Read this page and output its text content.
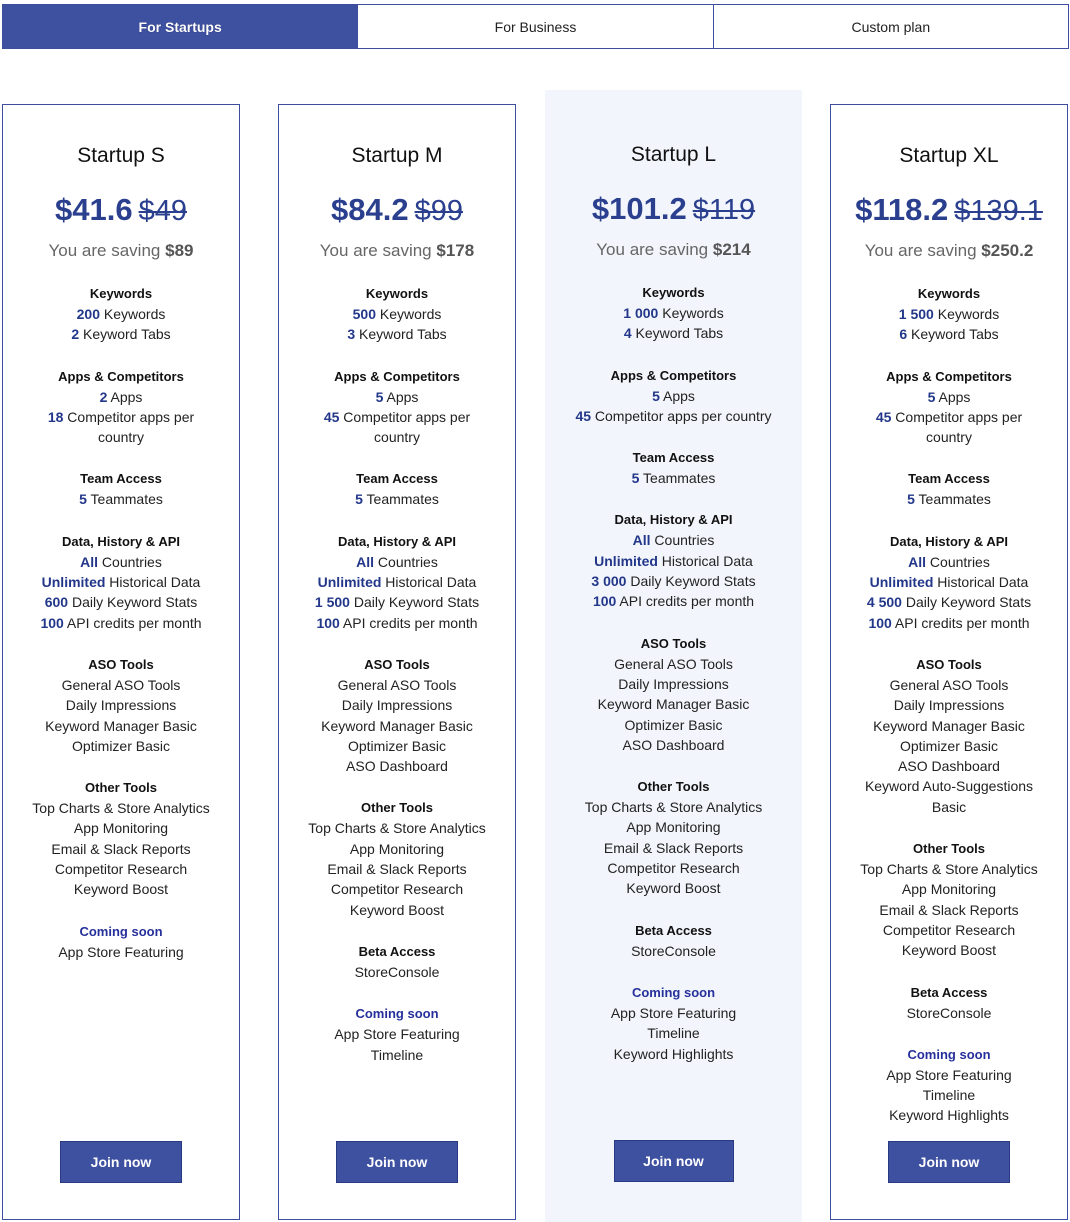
For Startups	For Business	Custom plan
Startup S
$41.6 $49
You are saving $89
Keywords
200 Keywords
2 Keyword Tabs
Apps & Competitors
2 Apps
18 Competitor apps per country
Team Access
5 Teammates
Data, History & API
All Countries
Unlimited Historical Data
600 Daily Keyword Stats
100 API credits per month
ASO Tools
General ASO Tools
Daily Impressions
Keyword Manager Basic
Optimizer Basic
Other Tools
Top Charts & Store Analytics
App Monitoring
Email & Slack Reports
Competitor Research
Keyword Boost
Coming soon
App Store Featuring
Join now
Startup M
$84.2 $99
You are saving $178
Keywords
500 Keywords
3 Keyword Tabs
Apps & Competitors
5 Apps
45 Competitor apps per country
Team Access
5 Teammates
Data, History & API
All Countries
Unlimited Historical Data
1 500 Daily Keyword Stats
100 API credits per month
ASO Tools
General ASO Tools
Daily Impressions
Keyword Manager Basic
Optimizer Basic
ASO Dashboard
Other Tools
Top Charts & Store Analytics
App Monitoring
Email & Slack Reports
Competitor Research
Keyword Boost
Beta Access
StoreConsole
Coming soon
App Store Featuring
Timeline
Join now
Startup L
$101.2 $119
You are saving $214
Keywords
1 000 Keywords
4 Keyword Tabs
Apps & Competitors
5 Apps
45 Competitor apps per country
Team Access
5 Teammates
Data, History & API
All Countries
Unlimited Historical Data
3 000 Daily Keyword Stats
100 API credits per month
ASO Tools
General ASO Tools
Daily Impressions
Keyword Manager Basic
Optimizer Basic
ASO Dashboard
Other Tools
Top Charts & Store Analytics
App Monitoring
Email & Slack Reports
Competitor Research
Keyword Boost
Beta Access
StoreConsole
Coming soon
App Store Featuring
Timeline
Keyword Highlights
Join now
Startup XL
$118.2 $139.1
You are saving $250.2
Keywords
1 500 Keywords
6 Keyword Tabs
Apps & Competitors
5 Apps
45 Competitor apps per country
Team Access
5 Teammates
Data, History & API
All Countries
Unlimited Historical Data
4 500 Daily Keyword Stats
100 API credits per month
ASO Tools
General ASO Tools
Daily Impressions
Keyword Manager Basic
Optimizer Basic
ASO Dashboard
Keyword Auto-Suggestions Basic
Other Tools
Top Charts & Store Analytics
App Monitoring
Email & Slack Reports
Competitor Research
Keyword Boost
Beta Access
StoreConsole
Coming soon
App Store Featuring
Timeline
Keyword Highlights
Join now
